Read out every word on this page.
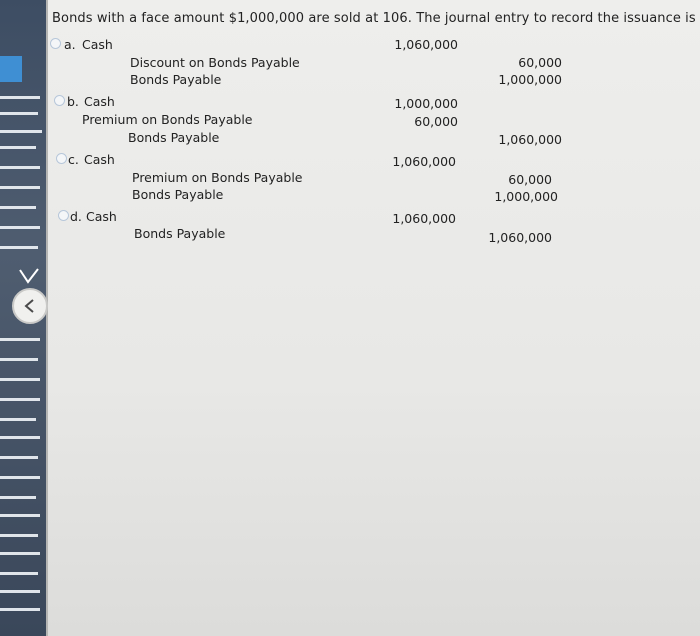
Bonds with a face amount $1,000,000 are sold at 106. The journal entry to record the issuance is
a. Cash	1,060,000
Discount on Bonds Payable	60,000
Bonds Payable	1,000,000
b. Cash	1,000,000
Premium on Bonds Payable	60,000
Bonds Payable	1,060,000
c. Cash	1,060,000
Premium on Bonds Payable	60,000
Bonds Payable	1,000,000
d. Cash	1,060,000
Bonds Payable	1,060,000
